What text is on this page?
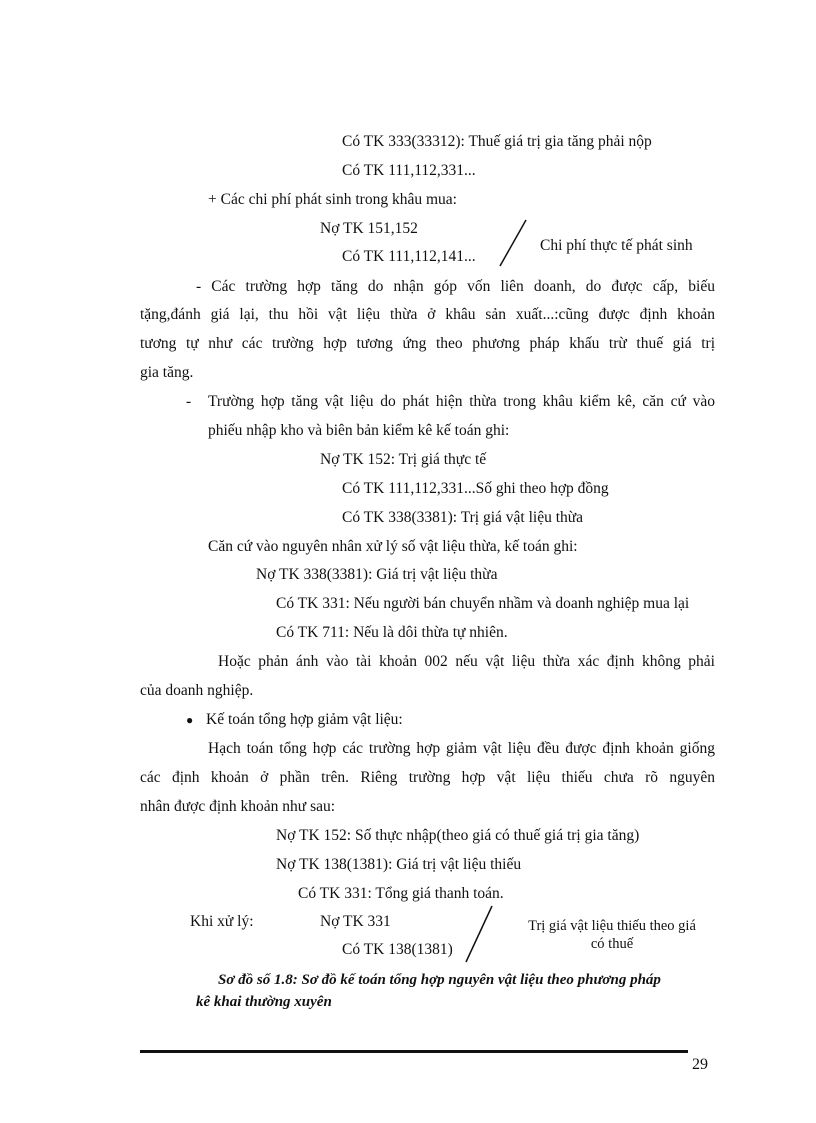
Có TK 333(33312): Thuế giá trị gia tăng phải nộp
Có TK 111,112,331...
+ Các chi phí phát sinh trong khâu mua:
Nợ TK 151,152
Có TK 111,112,141...
Chi phí thực tế phát sinh
- Các trường hợp tăng do nhận góp vốn liên doanh, do được cấp, biếu
tặng,đánh giá lại, thu hồi vật liệu thừa ở khâu sản xuất...:cũng được định khoản
tương tự như các trường hợp tương ứng theo phương pháp khấu trừ thuế giá trị
gia tăng.
- Trường hợp tăng vật liệu do phát hiện thừa trong khâu kiểm kê, căn cứ vào
phiếu nhập kho và biên bản kiểm kê kế toán ghi:
Nợ TK 152: Trị giá thực tế
Có TK 111,112,331...Số ghi theo hợp đồng
Có TK 338(3381): Trị giá vật liệu thừa
Căn cứ vào nguyên nhân xử lý số vật liệu thừa, kế toán ghi:
Nợ TK 338(3381): Giá trị vật liệu thừa
Có TK 331: Nếu người bán chuyển nhầm và doanh nghiệp mua lại
Có TK 711: Nếu là dôi thừa tự nhiên.
Hoặc phản ánh vào tài khoản 002 nếu vật liệu thừa xác định không phải
của doanh nghiệp.
● Kế toán tổng hợp giảm vật liệu:
Hạch toán tổng hợp các trường hợp giảm vật liệu đều được định khoản giống
các định khoản ở phần trên. Riêng trường hợp vật liệu thiếu chưa rõ nguyên
nhân được định khoản như sau:
Nợ TK 152: Số thực nhập(theo giá có thuế giá trị gia tăng)
Nợ TK 138(1381): Giá trị vật liệu thiếu
Có TK 331: Tổng giá thanh toán.
Khi xử lý:	Nợ TK 331
Có TK 138(1381)
Trị giá vật liệu thiếu theo giá
có thuế
Sơ đồ số 1.8: Sơ đồ kế toán tổng hợp nguyên vật liệu theo phương pháp
kê khai thường xuyên
29
